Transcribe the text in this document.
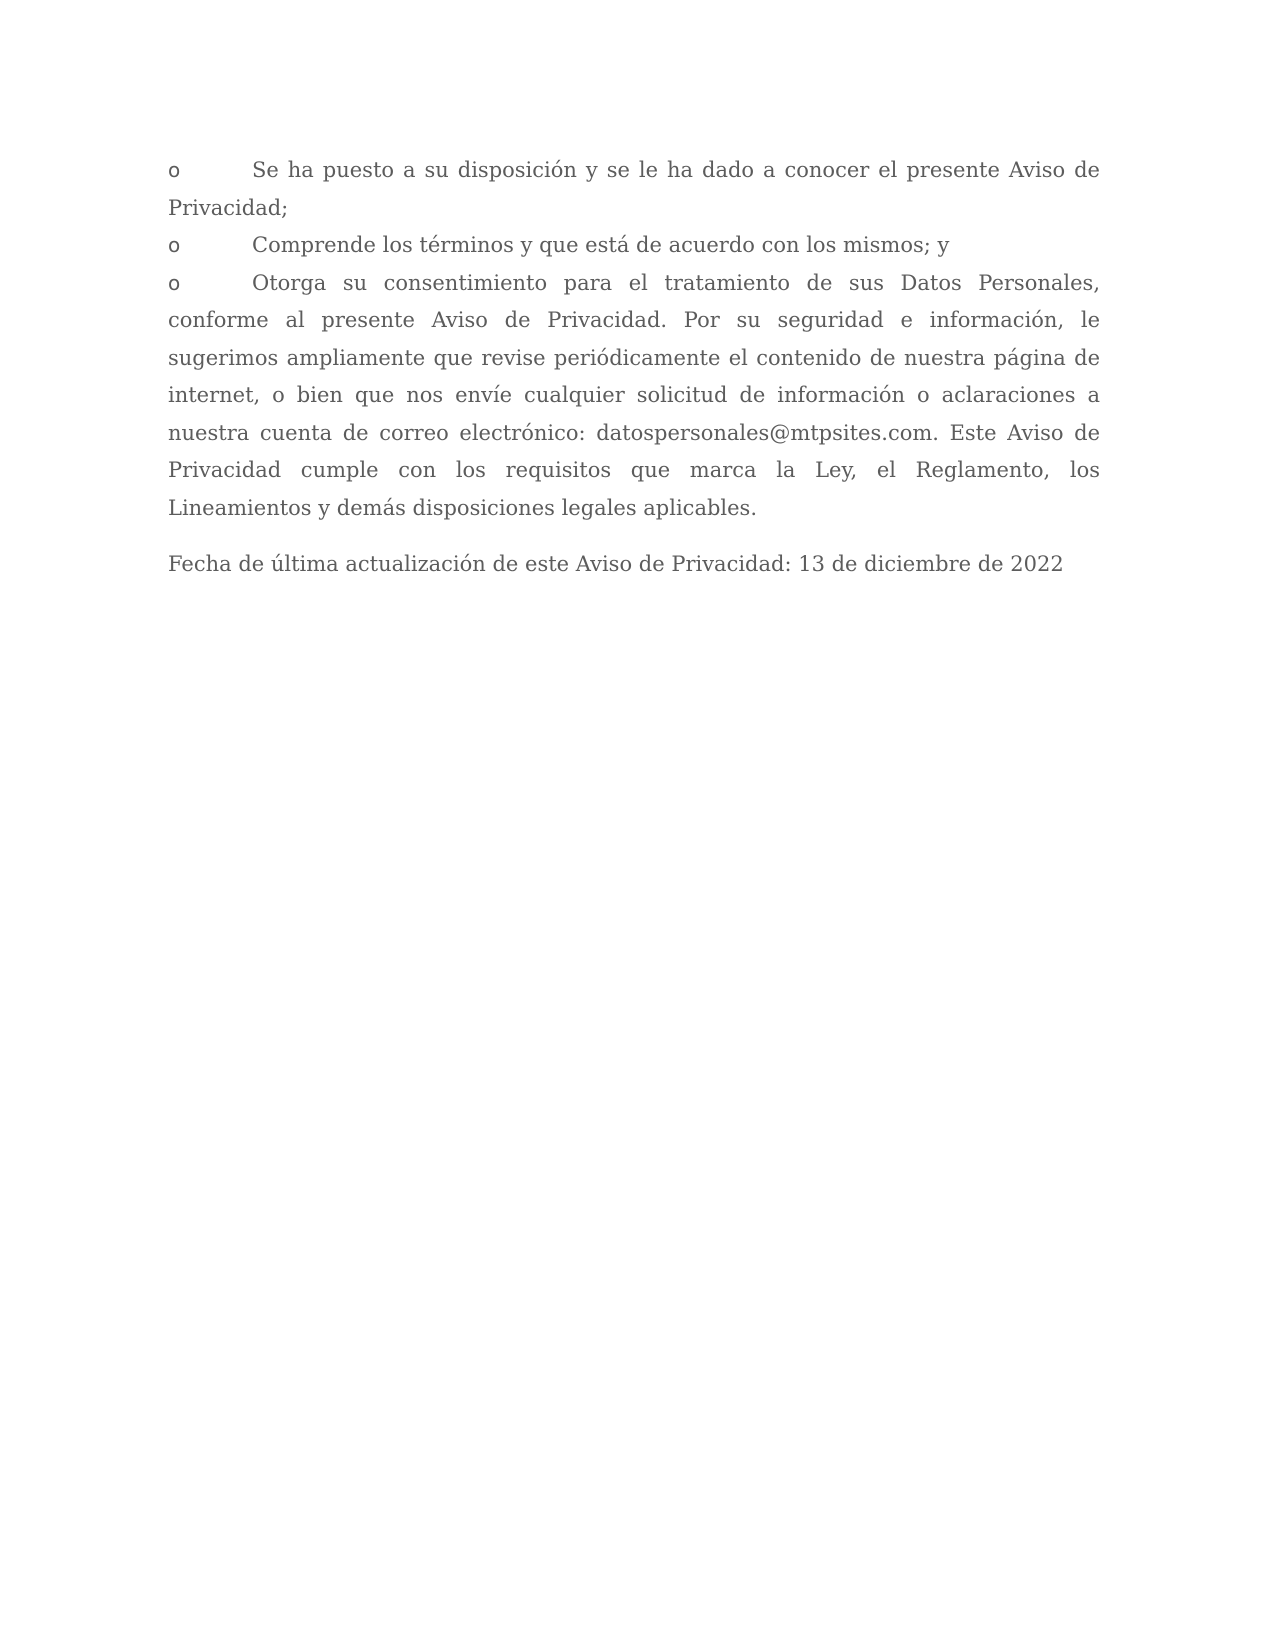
o	Se ha puesto a su disposición y se le ha dado a conocer el presente Aviso de Privacidad;

o	Comprende los términos y que está de acuerdo con los mismos; y

o	Otorga su consentimiento para el tratamiento de sus Datos Personales, conforme al presente Aviso de Privacidad. Por su seguridad e información, le sugerimos ampliamente que revise periódicamente el contenido de nuestra página de internet, o bien que nos envíe cualquier solicitud de información o aclaraciones a nuestra cuenta de correo electrónico: datospersonales@mtpsites.com. Este Aviso de Privacidad cumple con los requisitos que marca la Ley, el Reglamento, los Lineamientos y demás disposiciones legales aplicables.

Fecha de última actualización de este Aviso de Privacidad: 13 de diciembre de 2022
